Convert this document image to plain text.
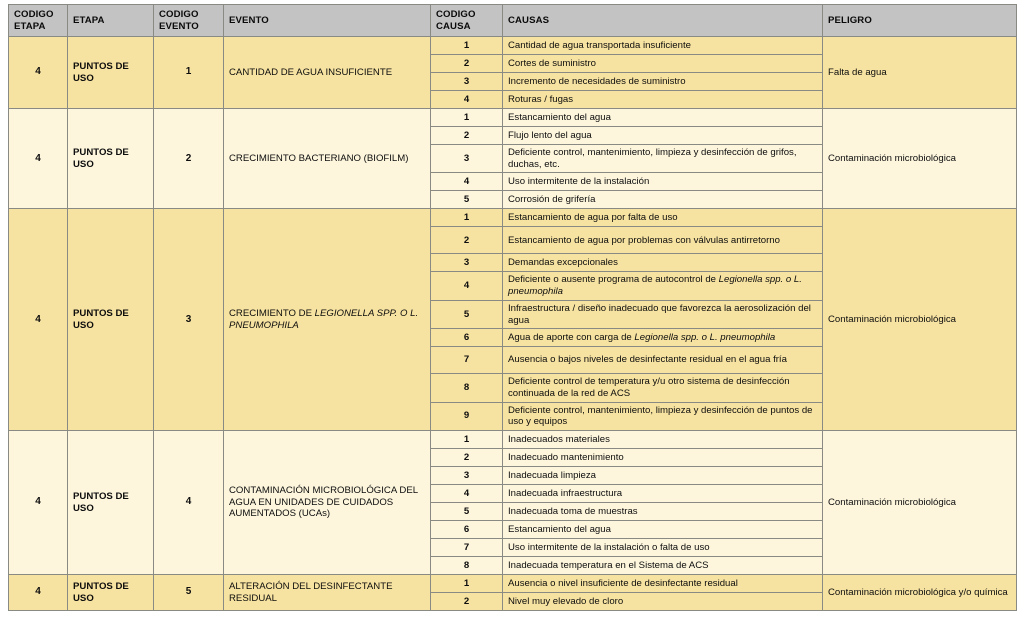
CODIGO ETAPA	ETAPA	CODIGO EVENTO	EVENTO	CODIGO CAUSA	CAUSAS	PELIGRO
4	PUNTOS DE USO	1	CANTIDAD DE AGUA INSUFICIENTE	1	Cantidad de agua transportada insuficiente	Falta de agua
				2	Cortes de suministro	
				3	Incremento de necesidades de suministro	
				4	Roturas / fugas	
4	PUNTOS DE USO	2	CRECIMIENTO BACTERIANO (BIOFILM)	1	Estancamiento del agua	Contaminación microbiológica
				2	Flujo lento del agua	
				3	Deficiente control, mantenimiento, limpieza y desinfección de grifos, duchas, etc.	
				4	Uso intermitente de la instalación	
				5	Corrosión de grifería	
4	PUNTOS DE USO	3	CRECIMIENTO DE LEGIONELLA SPP. O L. PNEUMOPHILA	1	Estancamiento de agua por falta de uso	Contaminación microbiológica
				2	Estancamiento de agua por problemas con válvulas antirretorno	
				3	Demandas excepcionales	
				4	Deficiente o ausente programa de autocontrol de Legionella spp. o L. pneumophila	
				5	Infraestructura / diseño inadecuado que favorezca la aerosolización del agua	
				6	Agua de aporte con carga de Legionella spp. o L. pneumophila	
				7	Ausencia o bajos niveles de desinfectante residual en el agua fría	
				8	Deficiente control de temperatura y/u otro sistema de desinfección continuada de la red de ACS	
				9	Deficiente control, mantenimiento, limpieza y desinfección de puntos de uso y equipos	
4	PUNTOS DE USO	4	CONTAMINACIÓN MICROBIOLÓGICA DEL AGUA EN UNIDADES DE CUIDADOS AUMENTADOS (UCAs)	1	Inadecuados materiales	Contaminación microbiológica
				2	Inadecuado mantenimiento	
				3	Inadecuada limpieza	
				4	Inadecuada infraestructura	
				5	Inadecuada toma de muestras	
				6	Estancamiento del agua	
				7	Uso intermitente de la instalación o falta de uso	
				8	Inadecuada temperatura en el Sistema de ACS	
4	PUNTOS DE USO	5	ALTERACIÓN DEL DESINFECTANTE RESIDUAL	1	Ausencia o nivel insuficiente de desinfectante residual	Contaminación microbiológica y/o química
				2	Nivel muy elevado de cloro	
